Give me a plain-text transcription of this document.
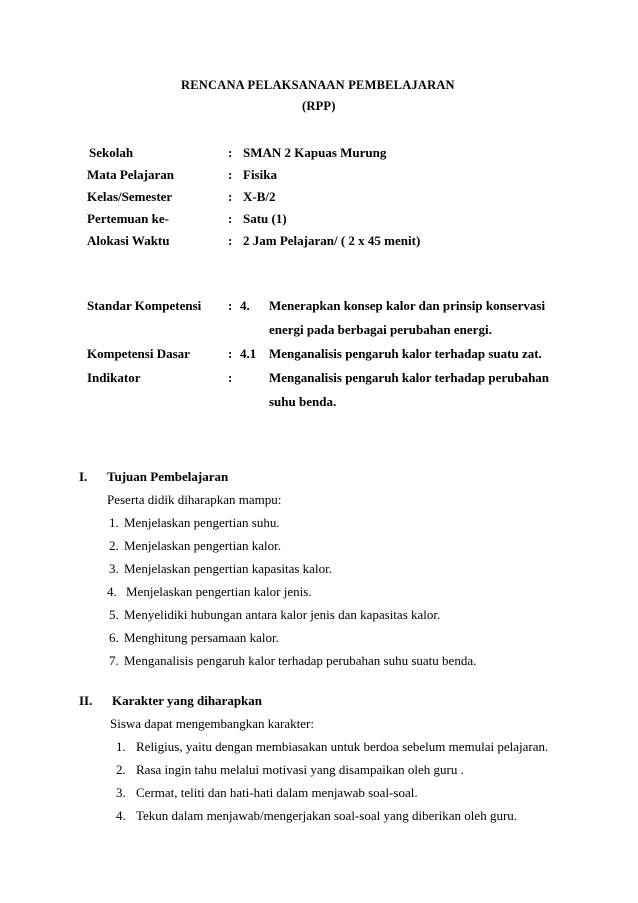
RENCANA PELAKSANAAN PEMBELAJARAN
(RPP)
Sekolah	: SMAN 2 Kapuas Murung
Mata Pelajaran	: Fisika
Kelas/Semester	: X-B/2
Pertemuan ke-	: Satu (1)
Alokasi Waktu	: 2 Jam Pelajaran/ ( 2 x 45 menit)
Standar Kompetensi : 4. Menerapkan konsep kalor dan prinsip konservasi
energi pada berbagai perubahan energi.
Kompetensi Dasar	: 4.1 Menganalisis pengaruh kalor terhadap suatu zat.
Indikator	:	Menganalisis pengaruh kalor terhadap perubahan
suhu benda.
I. Tujuan Pembelajaran
Peserta didik diharapkan mampu:
1. Menjelaskan pengertian suhu.
2. Menjelaskan pengertian kalor.
3. Menjelaskan pengertian kapasitas kalor.
4. Menjelaskan pengertian kalor jenis.
5. Menyelidiki hubungan antara kalor jenis dan kapasitas kalor.
6. Menghitung persamaan kalor.
7. Menganalisis pengaruh kalor terhadap perubahan suhu suatu benda.
II. Karakter yang diharapkan
Siswa dapat mengembangkan karakter:
1. Religius, yaitu dengan membiasakan untuk berdoa sebelum memulai pelajaran.
2. Rasa ingin tahu melalui motivasi yang disampaikan oleh guru .
3. Cermat, teliti dan hati-hati dalam menjawab soal-soal.
4. Tekun dalam menjawab/mengerjakan soal-soal yang diberikan oleh guru.
